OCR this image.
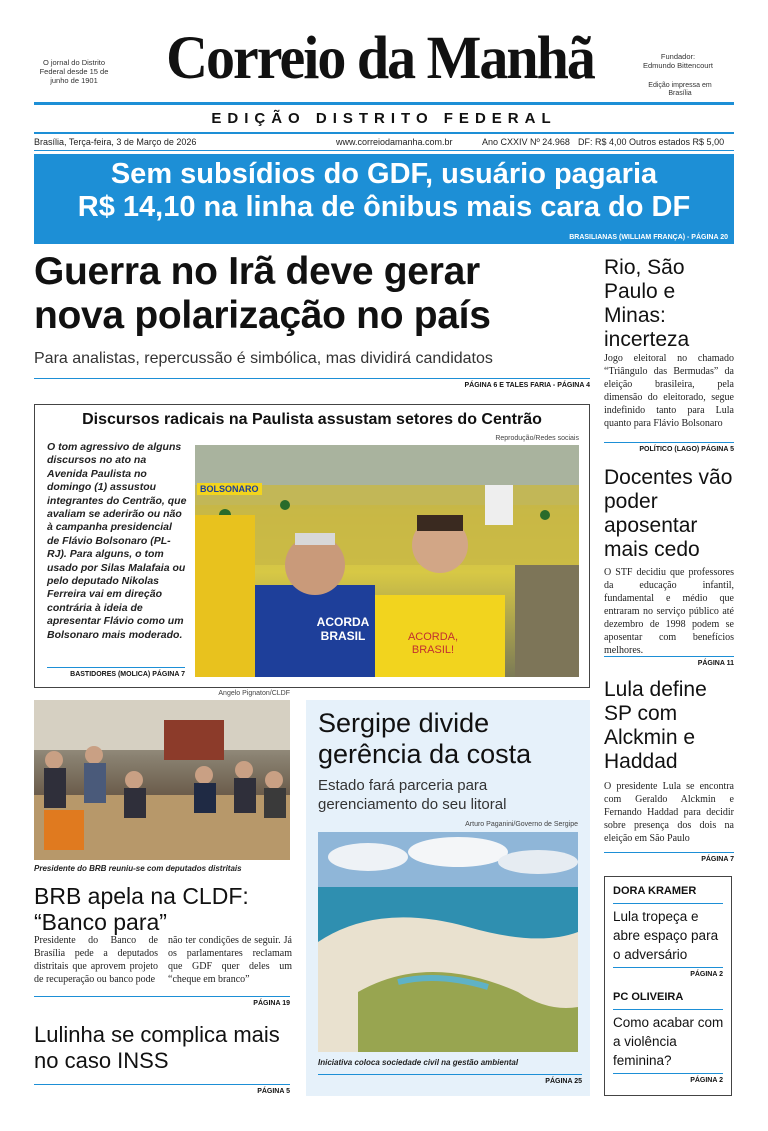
O jornal do Distrito Federal desde 15 de junho de 1901 Correio da Manhã	Fundador:
Edmundo Bittencourt
Edição impressa em Brasília
EDIÇÃO DISTRITO FEDERAL
Brasília, Terça-feira, 3 de Março de 2026	www.correiodamanha.com.br	Ano CXXIV Nº 24.968 DF: R$ 4,00 Outros estados R$ 5,00
Sem subsídios do GDF, usuário pagaria
R$ 14,10 na linha de ônibus mais cara do DF
BRASILIANAS (WILLIAM FRANÇA) - PÁGINA 20
Guerra no Irã deve gerar
nova polarização no país
Para analistas, repercussão é simbólica, mas dividirá candidatos
PÁGINA 6 E TALES FARIA - PÁGINA 4
Discursos radicais na Paulista assustam setores do Centrão
O tom agressivo de alguns discursos no ato na Avenida Paulista no domingo (1) assustou integrantes do Centrão, que avaliam se aderirão ou não à campanha presidencial de Flávio Bolsonaro (PL-RJ). Para alguns, o tom usado por Silas Malafaia ou pelo deputado Nikolas Ferreira vai em direção contrária à ideia de apresentar Flávio como um Bolsonaro mais moderado.
BASTIDORES (MOLICA) PÁGINA 7
Reprodução/Redes sociais
BOLSONARO
ACORDA BRASIL	ACORDA, BRASIL!
Rio, São Paulo e Minas: incerteza
Jogo eleitoral no chamado “Triângulo das Bermudas” da eleição brasileira, pela dimensão do eleitorado, segue indefinido tanto para Lula quanto para Flávio Bolsonaro
POLÍTICO (LAGO) PÁGINA 5
Docentes vão poder aposentar mais cedo
O STF decidiu que professores da educação infantil, fundamental e médio que entraram no serviço público até dezembro de 1998 podem se aposentar com benefícios melhores.
PÁGINA 11
Lula define SP com Alckmin e Haddad
O presidente Lula se encontra com Geraldo Alckmin e Fernando Haddad para decidir sobre presença dos dois na eleição em São Paulo
PÁGINA 7
Angelo Pignaton/CLDF
Presidente do BRB reuniu-se com deputados distritais
BRB apela na CLDF:
“Banco para”
Presidente do Banco de Brasília pede a deputados distritais que aprovem projeto de recuperação ou banco pode
não ter condições de seguir. Já os parlamentares reclamam que GDF quer deles um “cheque em branco”
PÁGINA 19
Lulinha se complica mais no caso INSS
PÁGINA 5
Sergipe divide
gerência da costa
Estado fará parceria para gerenciamento do seu litoral
Arturo Paganini/Governo de Sergipe
Iniciativa coloca sociedade civil na gestão ambiental
PÁGINA 25
DORA KRAMER
Lula tropeça e abre espaço para o adversário
PÁGINA 2
PC OLIVEIRA
Como acabar com a violência feminina?
PÁGINA 2
